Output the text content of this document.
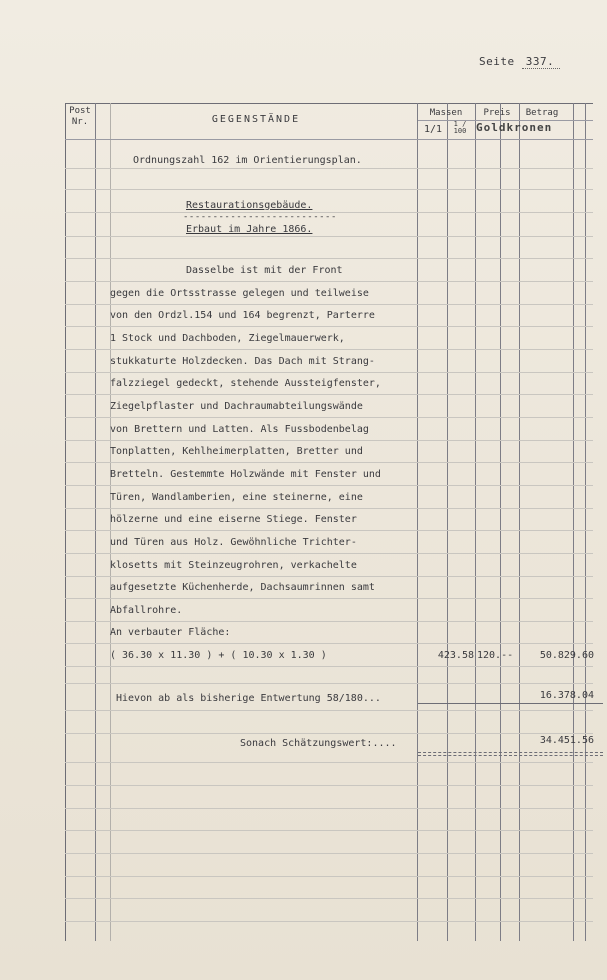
Seite 337.
Post Nr.	GEGENSTÄNDE
Massen	Preis	Betrag
1/1	1 / 100 Goldkronen
Ordnungszahl 162 im Orientierungsplan.
Restaurationsgebäude.
--------------------------
Erbaut im Jahre 1866.
Dasselbe ist mit der Front
gegen die Ortsstrasse gelegen und teilweise
von den Ordzl.154 und 164 begrenzt, Parterre
1 Stock und Dachboden, Ziegelmauerwerk,
stukkaturte Holzdecken. Das Dach mit Strang-
falzziegel gedeckt, stehende Aussteigfenster,
Ziegelpflaster und Dachraumabteilungswände
von Brettern und Latten. Als Fussbodenbelag
Tonplatten, Kehlheimerplatten, Bretter und
Bretteln. Gestemmte Holzwände mit Fenster und
Türen, Wandlamberien, eine steinerne, eine
hölzerne und eine eiserne Stiege. Fenster
und Türen aus Holz. Gewöhnliche Trichter-
klosetts mit Steinzeugrohren, verkachelte
aufgesetzte Küchenherde, Dachsaumrinnen samt
Abfallrohre.
An verbauter Fläche:
( 36.30 x 11.30 ) + ( 10.30 x 1.30 )	423.58 120.--	50.829.60
Hievon ab als bisherige Entwertung 58/180...	16.378.04
Sonach Schätzungswert:....	34.451.56
